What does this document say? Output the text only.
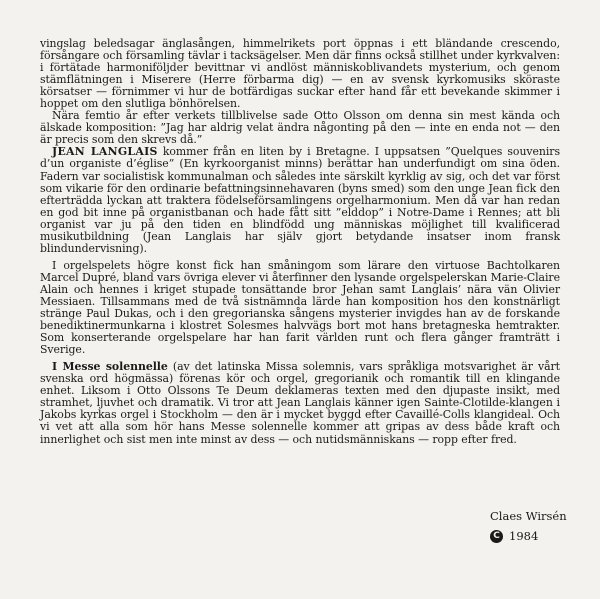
vingslag beledsagar änglasången, himmelrikets port öppnas i ett bländande crescendo, försångare och församling tävlar i tacksägelser. Men där finns också stillhet under kyrkvalven: i förtätade harmoniföljder bevittnar vi andlöst människoblivandets mysterium, och genom stämflätningen i Miserere (Herre förbarma dig) — en av svensk kyrkomusiks sköraste körsatser — förnimmer vi hur de botfärdigas suckar efter hand får ett bevekande skimmer i hoppet om den slutliga bönhörelsen.

Nära femtio år efter verkets tillblivelse sade Otto Olsson om denna sin mest kända och älskade komposition: ”Jag har aldrig velat ändra någonting på den — inte en enda not — den är precis som den skrevs då.”

JEAN LANGLAIS kommer från en liten by i Bretagne. I uppsatsen ”Quelques souvenirs d’un organiste d’église” (En kyrkoorganist minns) berättar han underfundigt om sina öden. Fadern var socialistisk kommunalman och således inte särskilt kyrklig av sig, och det var först som vikarie för den ordinarie befattningsinnehavaren (byns smed) som den unge Jean fick den efterträdda lyckan att traktera födelseförsamlingens orgelharmonium. Men då var han redan en god bit inne på organistbanan och hade fått sitt ”elddop” i Notre-Dame i Rennes; att bli organist var ju på den tiden en blindfödd ung människas möjlighet till kvalificerad musikutbildning (Jean Langlais har själv gjort betydande insatser inom fransk blindundervisning).

I orgelspelets högre konst fick han småningom som lärare den virtuose Bachtolkaren Marcel Dupré, bland vars övriga elever vi återfinner den lysande orgelspelerskan Marie-Claire Alain och hennes i kriget stupade tonsättande bror Jehan samt Langlais’ nära vän Olivier Messiaen. Tillsammans med de två sistnämnda lärde han komposition hos den konstnärligt stränge Paul Dukas, och i den gregorianska sångens mysterier invigdes han av de forskande benediktinermunkarna i klostret Solesmes halvvägs bort mot hans bretagneska hemtrakter. Som konserterande orgelspelare har han farit världen runt och flera gånger framträtt i Sverige.

I Messe solennelle (av det latinska Missa solemnis, vars språkliga motsvarighet är vårt svenska ord högmässa) förenas kör och orgel, gregorianik och romantik till en klingande enhet. Liksom i Otto Olssons Te Deum deklameras texten med den djupaste insikt, med stramhet, ljuvhet och dramatik. Vi tror att Jean Langlais känner igen Sainte-Clotilde-klangen i Jakobs kyrkas orgel i Stockholm — den är i mycket byggd efter Cavaillé-Colls klangideal. Och vi vet att alla som hör hans Messe solennelle kommer att gripas av dess både kraft och innerlighet och sist men inte minst av dess — och nutidsmänniskans — ropp efter fred.

Claes Wirsén
C 1984
